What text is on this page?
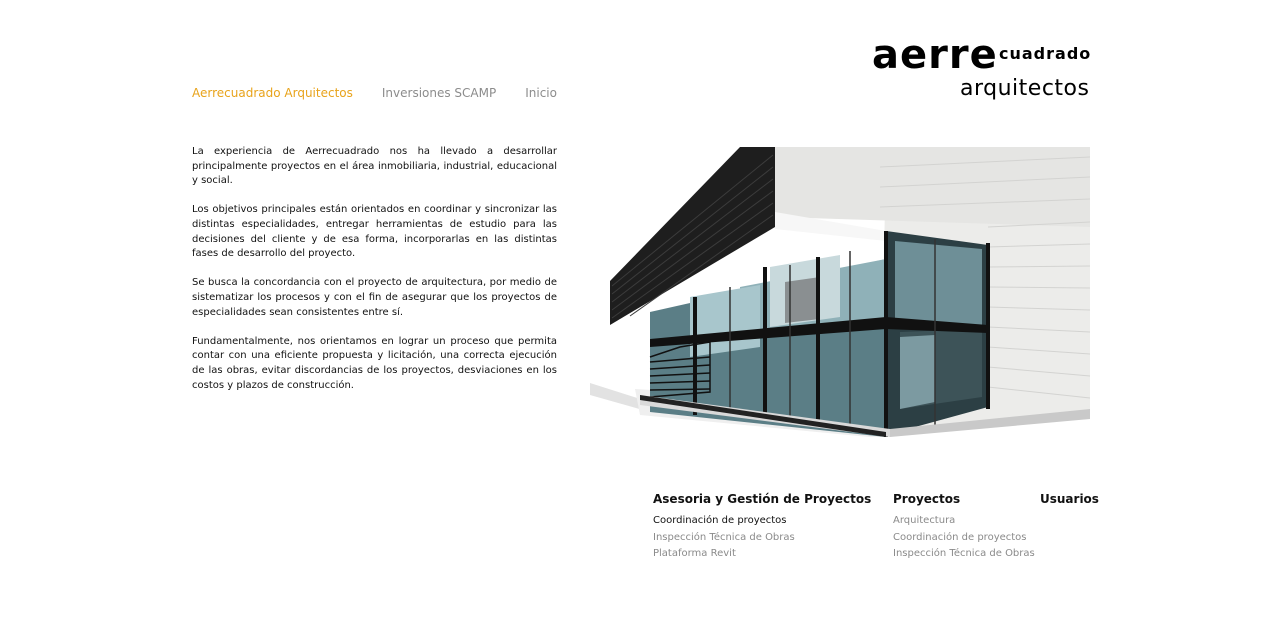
aerre cuadrado
arquitectos
Aerrecuadrado Arquitectos Inversiones SCAMP Inicio

La experiencia de Aerrecuadrado nos ha llevado a desarrollar principalmente proyectos en el área inmobiliaria, industrial, educacional y social.

Los objetivos principales están orientados en coordinar y sincronizar las distintas especialidades, entregar herramientas de estudio para las decisiones del cliente y de esa forma, incorporarlas en las distintas fases de desarrollo del proyecto.

Se busca la concordancia con el proyecto de arquitectura, por medio de sistematizar los procesos y con el fin de asegurar que los proyectos de especialidades sean consistentes entre sí.

Fundamentalmente, nos orientamos en lograr un proceso que permita contar con una eficiente propuesta y licitación, una correcta ejecución de las obras, evitar discordancias de los proyectos, desviaciones en los costos y plazos de construcción.

Asesoria y Gestión de Proyectos
Coordinación de proyectos
Inspección Técnica de Obras
Plataforma Revit
Proyectos
Arquitectura
Coordinación de proyectos
Inspección Técnica de Obras
Usuarios
